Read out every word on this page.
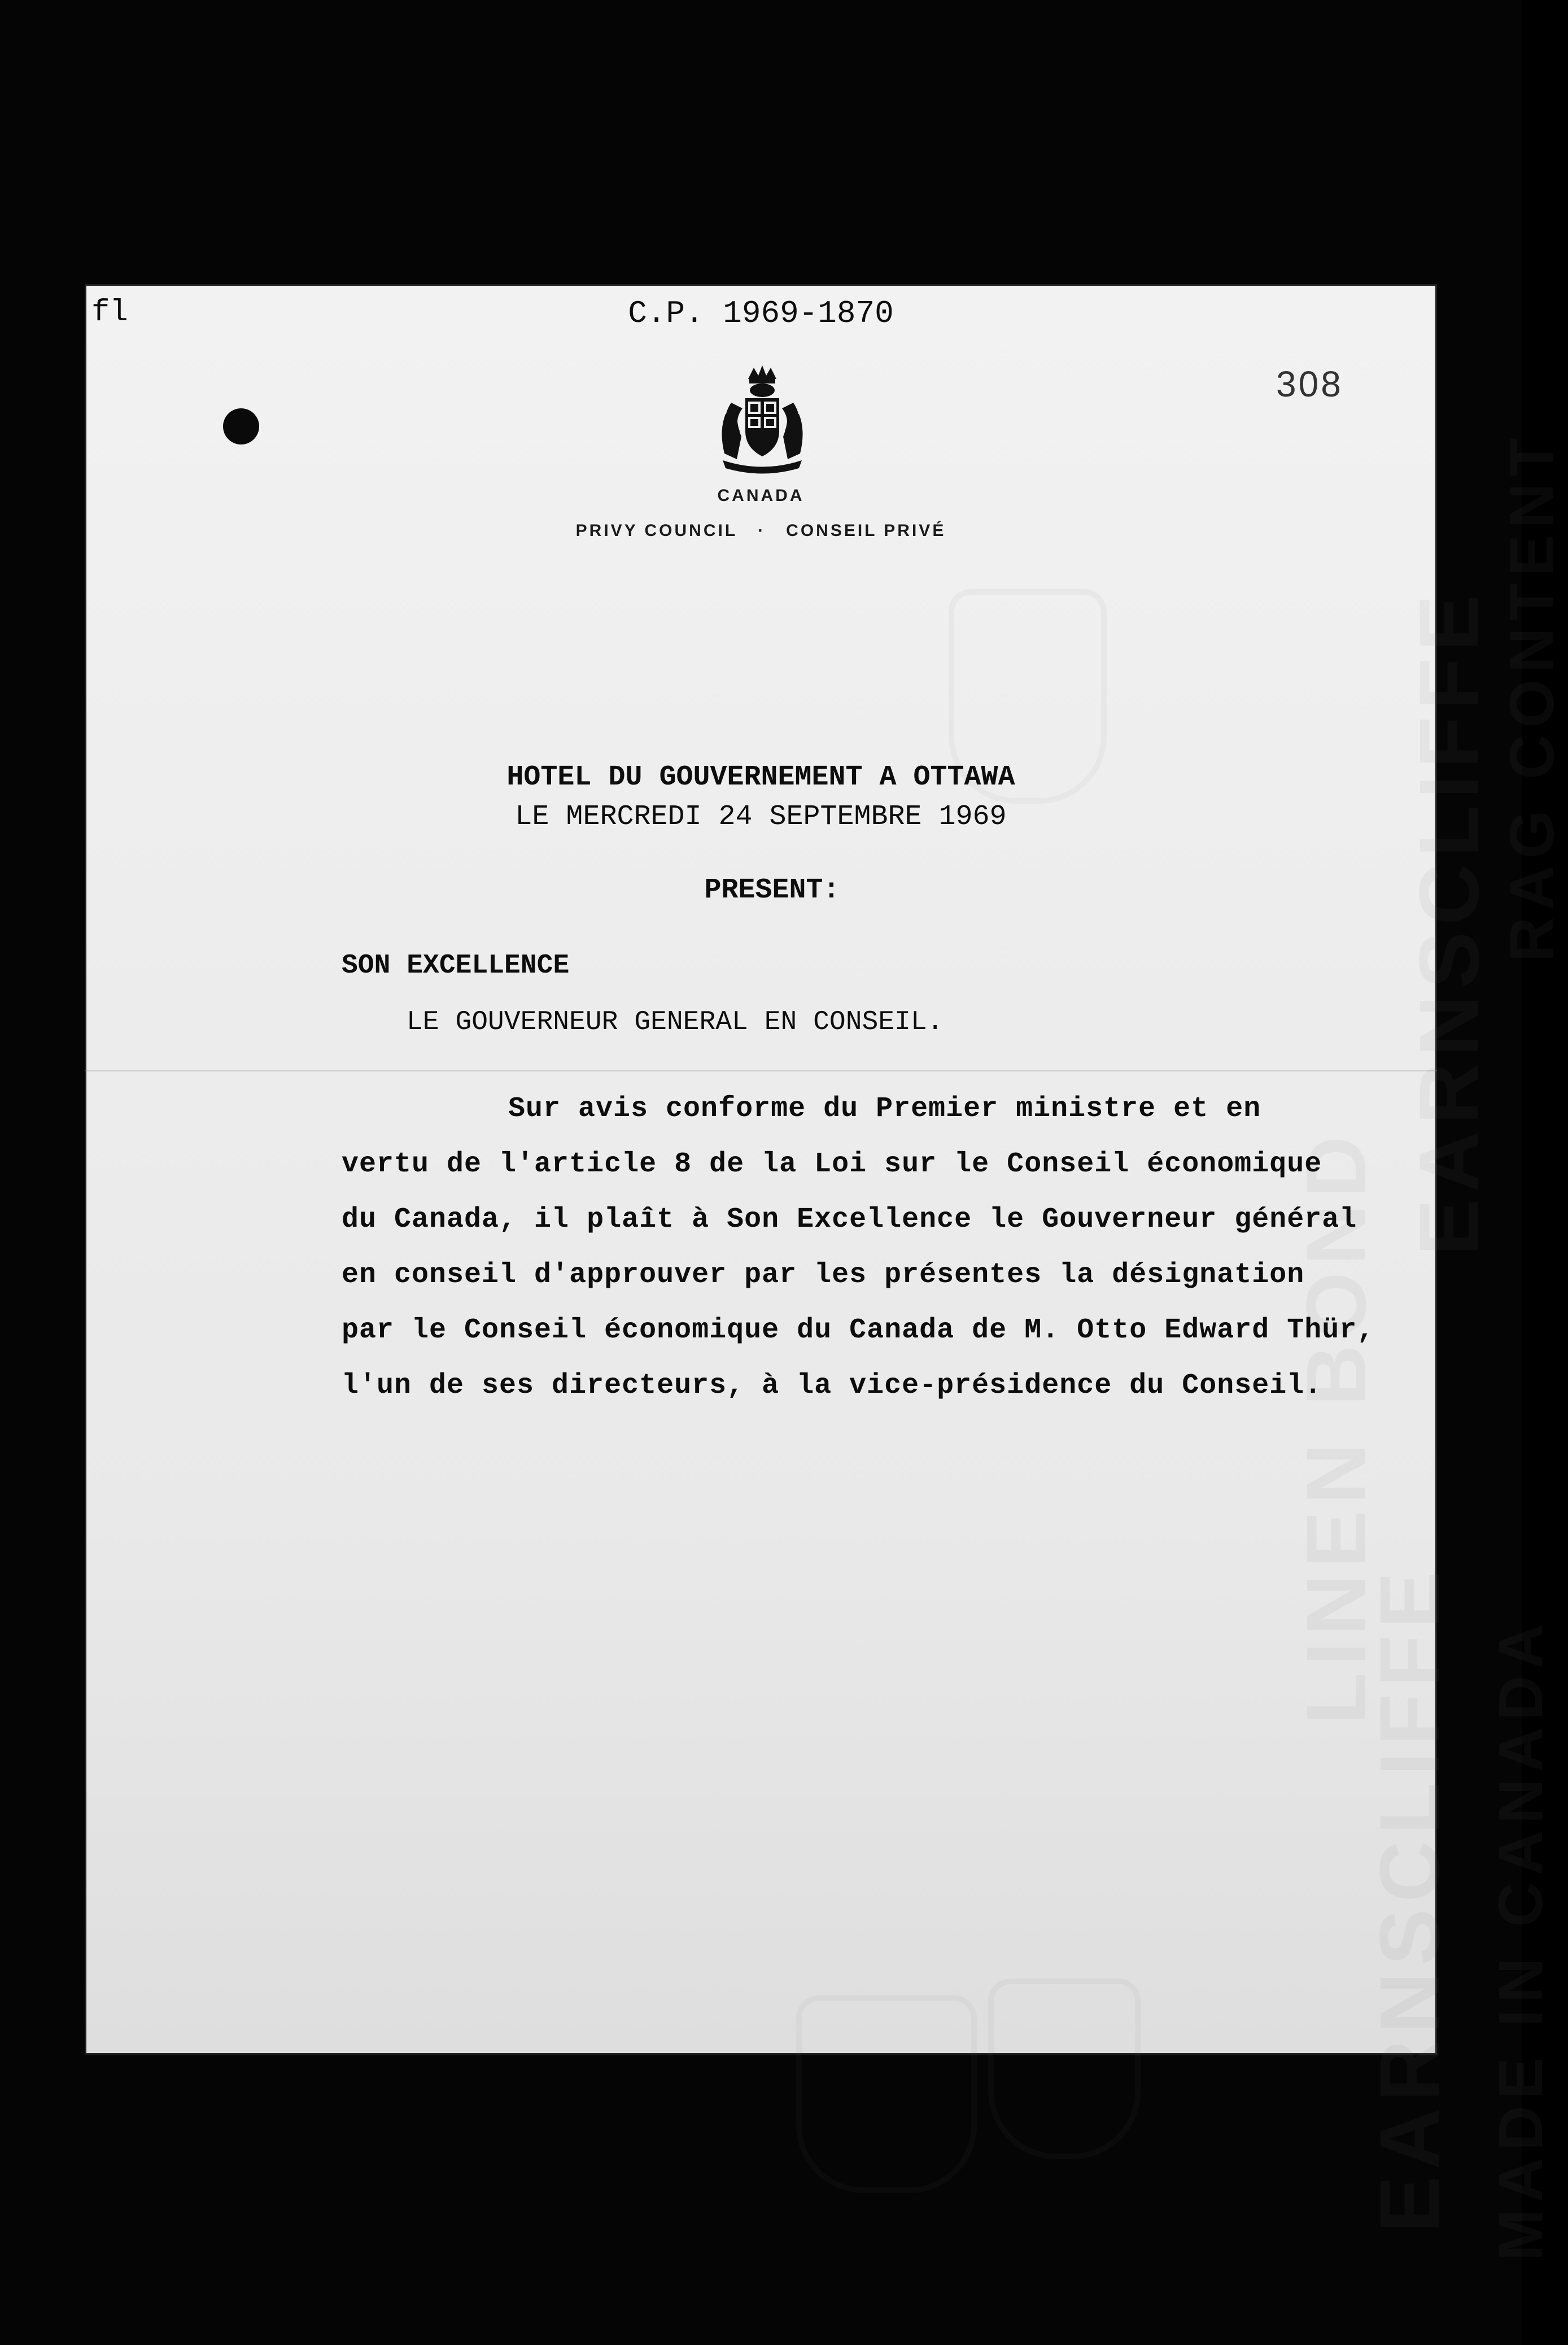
EARNSCLIFFE
LINEN BOND
EARNSCLIFFE
RAG CONTENT
MADE IN CANADA
fl	C.P. 1969-1870
308
CANADA
PRIVY COUNCIL · CONSEIL PRIVÉ
HOTEL DU GOUVERNEMENT A OTTAWA
LE MERCREDI 24 SEPTEMBRE 1969
PRESENT:
SON EXCELLENCE
LE GOUVERNEUR GENERAL EN CONSEIL.
Sur avis conforme du Premier ministre et en
vertu de l'article 8 de la Loi sur le Conseil économique
du Canada, il plaît à Son Excellence le Gouverneur général
en conseil d'approuver par les présentes la désignation
par le Conseil économique du Canada de M. Otto Edward Thür,
l'un de ses directeurs, à la vice-présidence du Conseil.
